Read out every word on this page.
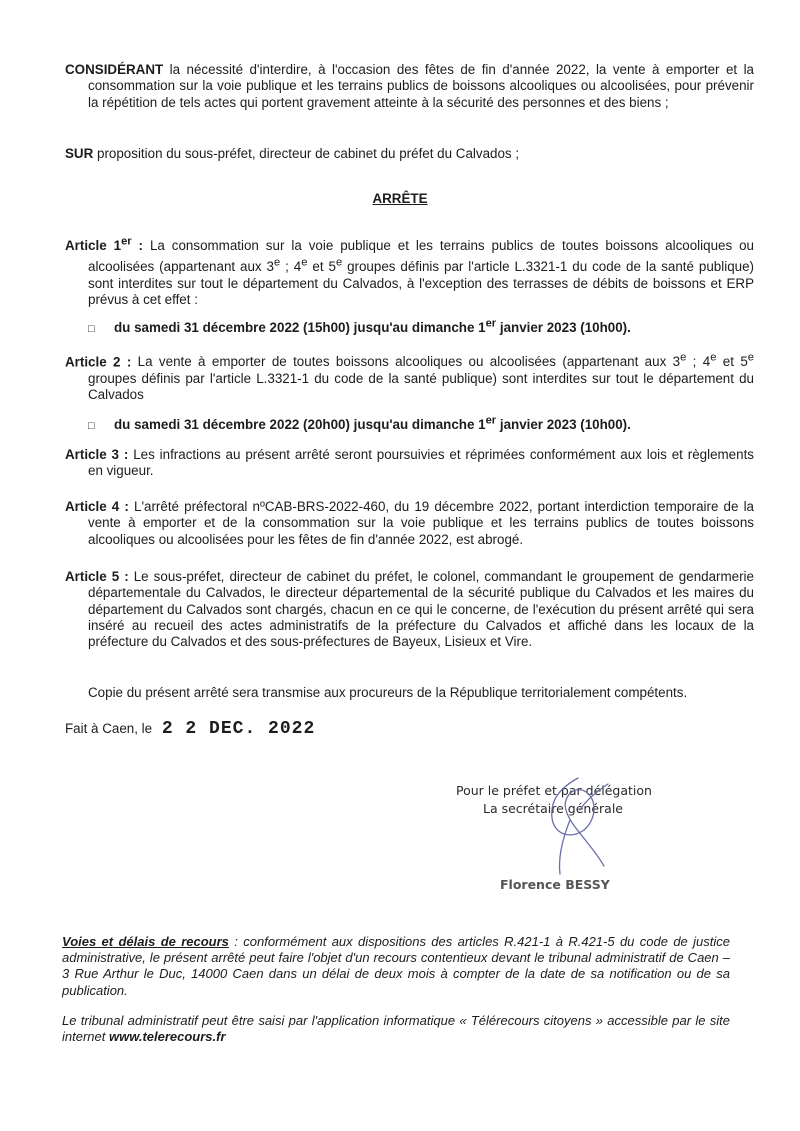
CONSIDÉRANT la nécessité d'interdire, à l'occasion des fêtes de fin d'année 2022, la vente à emporter et la consommation sur la voie publique et les terrains publics de boissons alcooliques ou alcoolisées, pour prévenir la répétition de tels actes qui portent gravement atteinte à la sécurité des personnes et des biens ;
SUR proposition du sous-préfet, directeur de cabinet du préfet du Calvados ;
ARRÊTE
Article 1er : La consommation sur la voie publique et les terrains publics de toutes boissons alcooliques ou alcoolisées (appartenant aux 3e ; 4e et 5e groupes définis par l'article L.3321-1 du code de la santé publique) sont interdites sur tout le département du Calvados, à l'exception des terrasses de débits de boissons et ERP prévus à cet effet :
□ du samedi 31 décembre 2022 (15h00) jusqu'au dimanche 1er janvier 2023 (10h00).
Article 2 : La vente à emporter de toutes boissons alcooliques ou alcoolisées (appartenant aux 3e ; 4e et 5e groupes définis par l'article L.3321-1 du code de la santé publique) sont interdites sur tout le département du Calvados
□ du samedi 31 décembre 2022 (20h00) jusqu'au dimanche 1er janvier 2023 (10h00).
Article 3 : Les infractions au présent arrêté seront poursuivies et réprimées conformément aux lois et règlements en vigueur.
Article 4 : L'arrêté préfectoral nºCAB-BRS-2022-460, du 19 décembre 2022, portant interdiction temporaire de la vente à emporter et de la consommation sur la voie publique et les terrains publics de toutes boissons alcooliques ou alcoolisées pour les fêtes de fin d'année 2022, est abrogé.
Article 5 : Le sous-préfet, directeur de cabinet du préfet, le colonel, commandant le groupement de gendarmerie départementale du Calvados, le directeur départemental de la sécurité publique du Calvados et les maires du département du Calvados sont chargés, chacun en ce qui le concerne, de l'exécution du présent arrêté qui sera inséré au recueil des actes administratifs de la préfecture du Calvados et affiché dans les locaux de la préfecture du Calvados et des sous-préfectures de Bayeux, Lisieux et Vire.
Copie du présent arrêté sera transmise aux procureurs de la République territorialement compétents.
Fait à Caen, le 2 2 DEC. 2022
Pour le préfet et par délégation
La secrétaire générale
Florence BESSY
Voies et délais de recours : conformément aux dispositions des articles R.421-1 à R.421-5 du code de justice administrative, le présent arrêté peut faire l'objet d'un recours contentieux devant le tribunal administratif de Caen – 3 Rue Arthur le Duc, 14000 Caen dans un délai de deux mois à compter de la date de sa notification ou de sa publication.
Le tribunal administratif peut être saisi par l'application informatique « Télérecours citoyens » accessible par le site internet www.telerecours.fr
